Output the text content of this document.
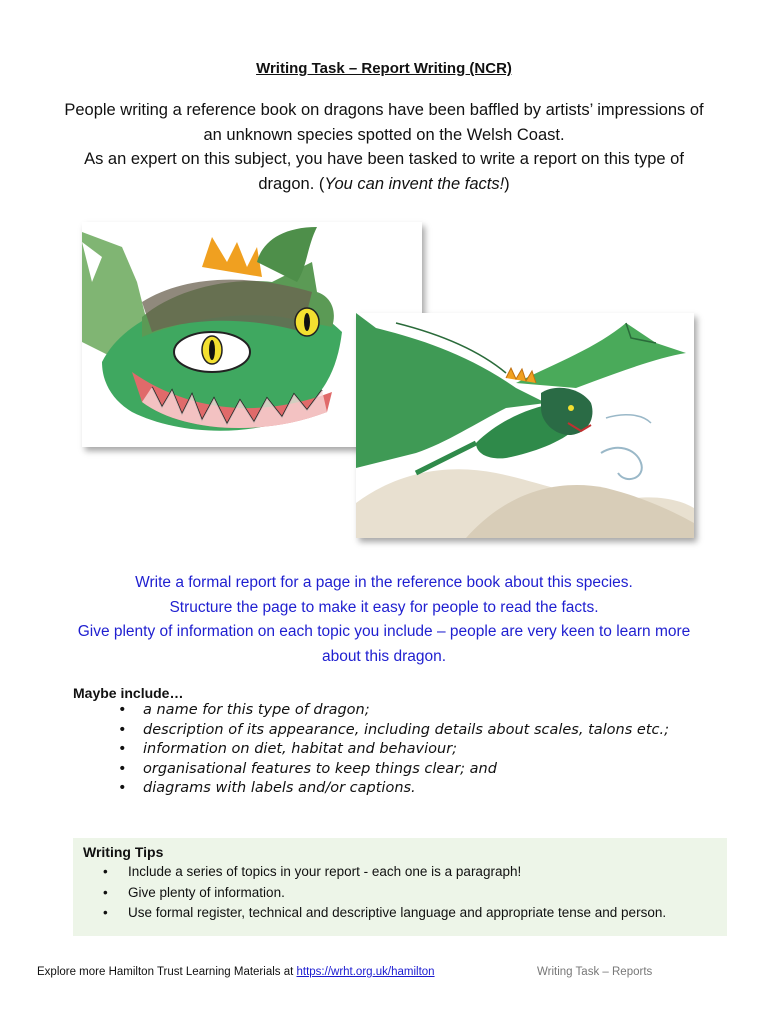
Writing Task – Report Writing (NCR)

People writing a reference book on dragons have been baffled by artists’ impressions of an unknown species spotted on the Welsh Coast.

As an expert on this subject, you have been tasked to write a report on this type of dragon. (You can invent the facts!)

Write a formal report for a page in the reference book about this species.

Structure the page to make it easy for people to read the facts.

Give plenty of information on each topic you include – people are very keen to learn more about this dragon.

Maybe include…
• a name for this type of dragon;
• description of its appearance, including details about scales, talons etc.;
• information on diet, habitat and behaviour;
• organisational features to keep things clear; and
• diagrams with labels and/or captions.
Writing Tips
• Include a series of topics in your report - each one is a paragraph!
• Give plenty of information.
• Use formal register, technical and descriptive language and appropriate tense and person.
Explore more Hamilton Trust Learning Materials at https://wrht.org.uk/hamilton	Writing Task – Reports
